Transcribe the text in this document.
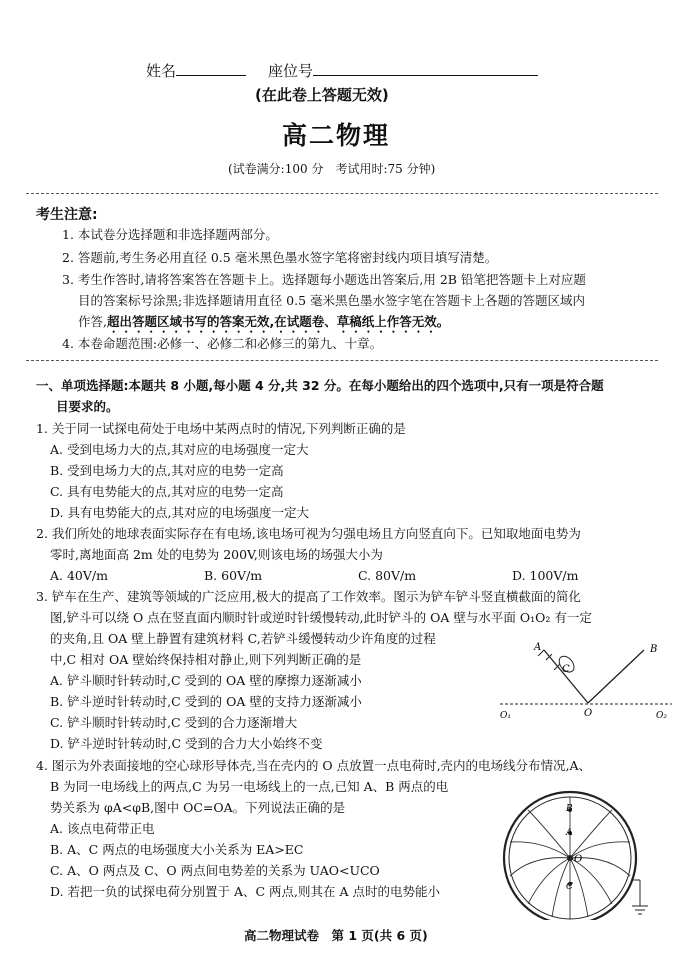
姓名	座位号
(在此卷上答题无效)
高二物理
(试卷满分:100 分　考试用时:75 分钟)
考生注意:
1. 本试卷分选择题和非选择题两部分。
2. 答题前,考生务必用直径 0.5 毫米黑色墨水签字笔将密封线内项目填写清楚。
3. 考生作答时,请将答案答在答题卡上。选择题每小题选出答案后,用 2B 铅笔把答题卡上对应题
目的答案标号涂黑;非选择题请用直径 0.5 毫米黑色墨水签字笔在答题卡上各题的答题区域内
作答,超出答题区域书写的答案无效,在试题卷、草稿纸上作答无效。
4. 本卷命题范围:必修一、必修二和必修三的第九、十章。
一、单项选择题:本题共 8 小题,每小题 4 分,共 32 分。在每小题给出的四个选项中,只有一项是符合题
目要求的。
1. 关于同一试探电荷处于电场中某两点时的情况,下列判断正确的是
A. 受到电场力大的点,其对应的电场强度一定大
B. 受到电场力大的点,其对应的电势一定高
C. 具有电势能大的点,其对应的电势一定高
D. 具有电势能大的点,其对应的电场强度一定大
2. 我们所处的地球表面实际存在有电场,该电场可视为匀强电场且方向竖直向下。已知取地面电势为
零时,离地面高 2m 处的电势为 200V,则该电场的场强大小为
A. 40V/m	B. 60V/m	C. 80V/m	D. 100V/m
3. 铲车在生产、建筑等领域的广泛应用,极大的提高了工作效率。图示为铲车铲斗竖直横截面的简化
图,铲斗可以绕 O 点在竖直面内顺时针或逆时针缓慢转动,此时铲斗的 OA 壁与水平面 O₁O₂ 有一定
的夹角,且 OA 壁上静置有建筑材料 C,若铲斗缓慢转动少许角度的过程
中,C 相对 OA 壁始终保持相对静止,则下列判断正确的是
A. 铲斗顺时针转动时,C 受到的 OA 壁的摩擦力逐渐减小
B. 铲斗逆时针转动时,C 受到的 OA 壁的支持力逐渐减小
C. 铲斗顺时针转动时,C 受到的合力逐渐增大
D. 铲斗逆时针转动时,C 受到的合力大小始终不变
C
A	B
O
O₁	O₂
4. 图示为外表面接地的空心球形导体壳,当在壳内的 O 点放置一点电荷时,壳内的电场线分布情况,A、
B 为同一电场线上的两点,C 为另一电场线上的一点,已知 A、B 两点的电
势关系为 φA<φB,图中 OC=OA。下列说法正确的是
A. 该点电荷带正电
B. A、C 两点的电场强度大小关系为 EA>EC
C. A、O 两点及 C、O 两点间电势差的关系为 UAO<UCO
D. 若把一负的试探电荷分别置于 A、C 两点,则其在 A 点时的电势能小
B
A
C
O
高二物理试卷　第 1 页(共 6 页)
